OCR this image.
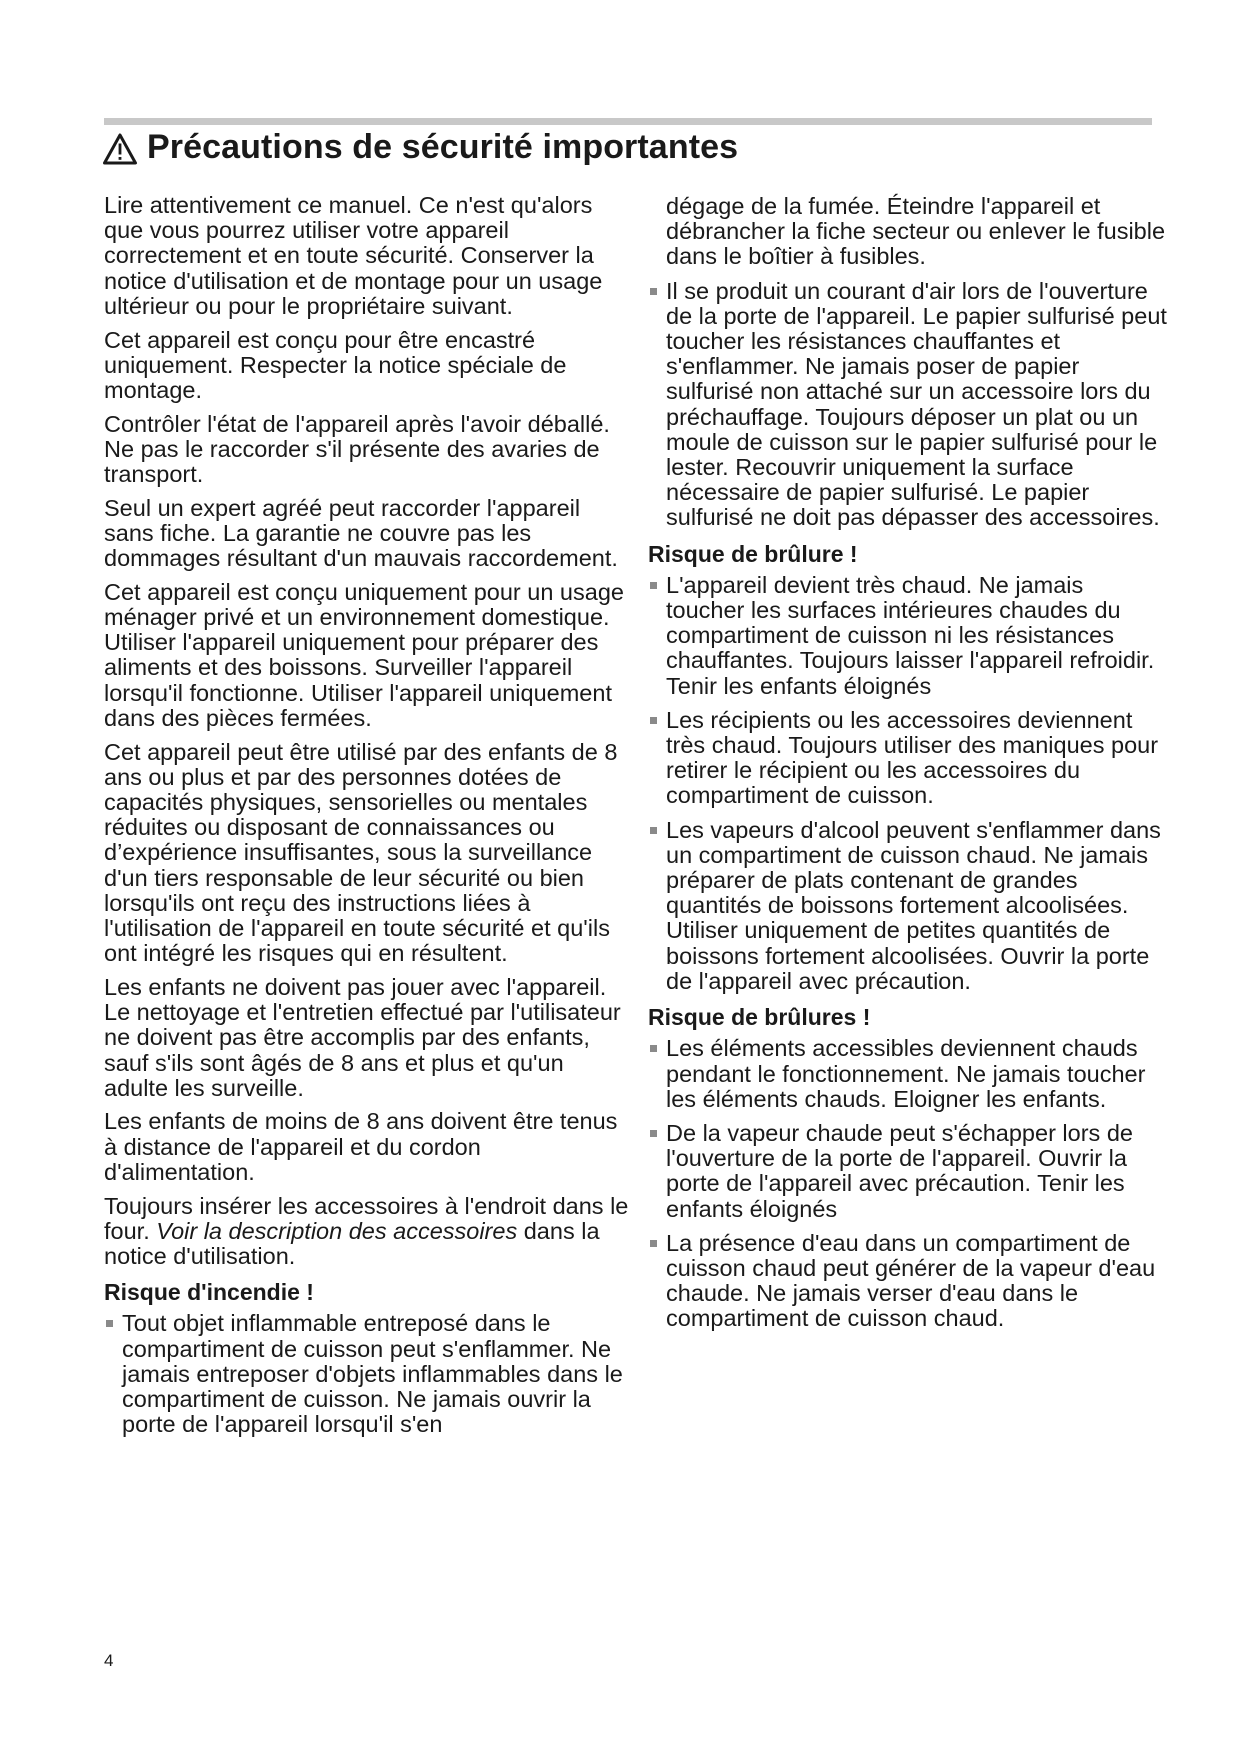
Précautions de sécurité importantes

Lire attentivement ce manuel. Ce n'est qu'alors que vous pourrez utiliser votre appareil correctement et en toute sécurité. Conserver la notice d'utilisation et de montage pour un usage ultérieur ou pour le propriétaire suivant.

Cet appareil est conçu pour être encastré uniquement. Respecter la notice spéciale de montage.

Contrôler l'état de l'appareil après l'avoir déballé. Ne pas le raccorder s'il présente des avaries de transport.

Seul un expert agréé peut raccorder l'appareil sans fiche. La garantie ne couvre pas les dommages résultant d'un mauvais raccordement.

Cet appareil est conçu uniquement pour un usage ménager privé et un environnement domestique. Utiliser l'appareil uniquement pour préparer des aliments et des boissons. Surveiller l'appareil lorsqu'il fonctionne. Utiliser l'appareil uniquement dans des pièces fermées.

Cet appareil peut être utilisé par des enfants de 8 ans ou plus et par des personnes dotées de capacités physiques, sensorielles ou mentales réduites ou disposant de connaissances ou d’expérience insuffisantes, sous la surveillance d'un tiers responsable de leur sécurité ou bien lorsqu'ils ont reçu des instructions liées à l'utilisation de l'appareil en toute sécurité et qu'ils ont intégré les risques qui en résultent.

Les enfants ne doivent pas jouer avec l'appareil. Le nettoyage et l'entretien effectué par l'utilisateur ne doivent pas être accomplis par des enfants, sauf s'ils sont âgés de 8 ans et plus et qu'un adulte les surveille.

Les enfants de moins de 8 ans doivent être tenus à distance de l'appareil et du cordon d'alimentation.

Toujours insérer les accessoires à l'endroit dans le four. Voir la description des accessoires dans la notice d'utilisation.

Risque d'incendie !
Tout objet inflammable entreposé dans le compartiment de cuisson peut s'enflammer. Ne jamais entreposer d'objets inflammables dans le compartiment de cuisson. Ne jamais ouvrir la porte de l'appareil lorsqu'il s'en

dégage de la fumée. Éteindre l'appareil et débrancher la fiche secteur ou enlever le fusible dans le boîtier à fusibles.

Il se produit un courant d'air lors de l'ouverture de la porte de l'appareil. Le papier sulfurisé peut toucher les résistances chauffantes et s'enflammer. Ne jamais poser de papier sulfurisé non attaché sur un accessoire lors du préchauffage. Toujours déposer un plat ou un moule de cuisson sur le papier sulfurisé pour le lester. Recouvrir uniquement la surface nécessaire de papier sulfurisé. Le papier sulfurisé ne doit pas dépasser des accessoires.
Risque de brûlure !
L'appareil devient très chaud. Ne jamais toucher les surfaces intérieures chaudes du compartiment de cuisson ni les résistances chauffantes. Toujours laisser l'appareil refroidir. Tenir les enfants éloignés
Les récipients ou les accessoires deviennent très chaud. Toujours utiliser des maniques pour retirer le récipient ou les accessoires du compartiment de cuisson.
Les vapeurs d'alcool peuvent s'enflammer dans un compartiment de cuisson chaud. Ne jamais préparer de plats contenant de grandes quantités de boissons fortement alcoolisées. Utiliser uniquement de petites quantités de boissons fortement alcoolisées. Ouvrir la porte de l'appareil avec précaution.
Risque de brûlures !
Les éléments accessibles deviennent chauds pendant le fonctionnement. Ne jamais toucher les éléments chauds. Eloigner les enfants.
De la vapeur chaude peut s'échapper lors de l'ouverture de la porte de l'appareil. Ouvrir la porte de l'appareil avec précaution. Tenir les enfants éloignés
La présence d'eau dans un compartiment de cuisson chaud peut générer de la vapeur d'eau chaude. Ne jamais verser d'eau dans le compartiment de cuisson chaud.
4
